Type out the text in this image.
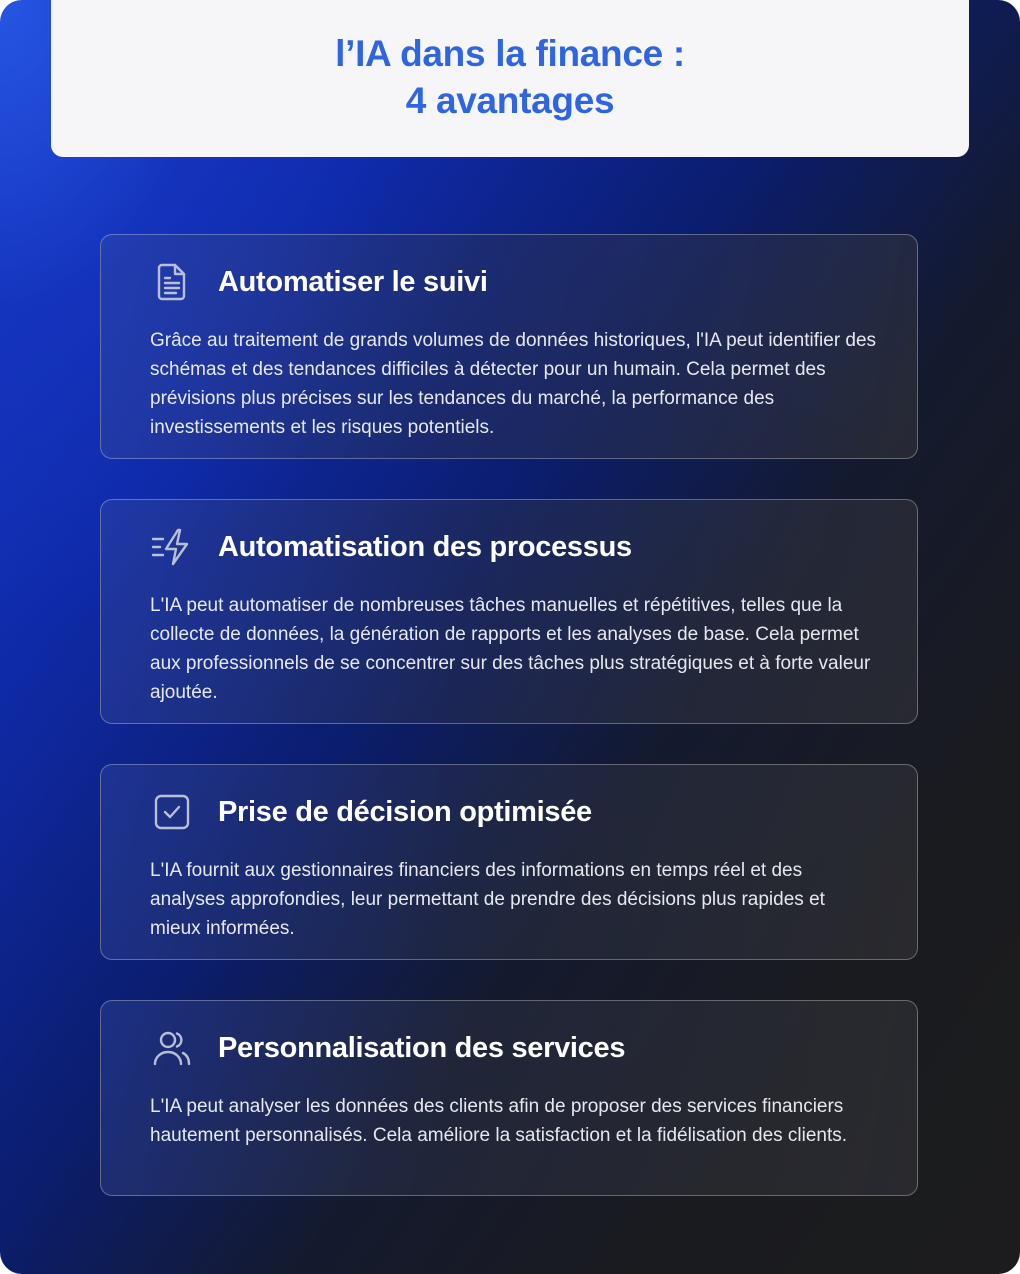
l’IA dans la finance :
4 avantages
Automatiser le suivi

Grâce au traitement de grands volumes de données historiques, l'IA peut identifier des schémas et des tendances difficiles à détecter pour un humain. Cela permet des prévisions plus précises sur les tendances du marché, la performance des investissements et les risques potentiels.

Automatisation des processus

L'IA peut automatiser de nombreuses tâches manuelles et répétitives, telles que la collecte de données, la génération de rapports et les analyses de base. Cela permet aux professionnels de se concentrer sur des tâches plus stratégiques et à forte valeur ajoutée.

Prise de décision optimisée

L'IA fournit aux gestionnaires financiers des informations en temps réel et des analyses approfondies, leur permettant de prendre des décisions plus rapides et mieux informées.

Personnalisation des services

L'IA peut analyser les données des clients afin de proposer des services financiers hautement personnalisés. Cela améliore la satisfaction et la fidélisation des clients.
